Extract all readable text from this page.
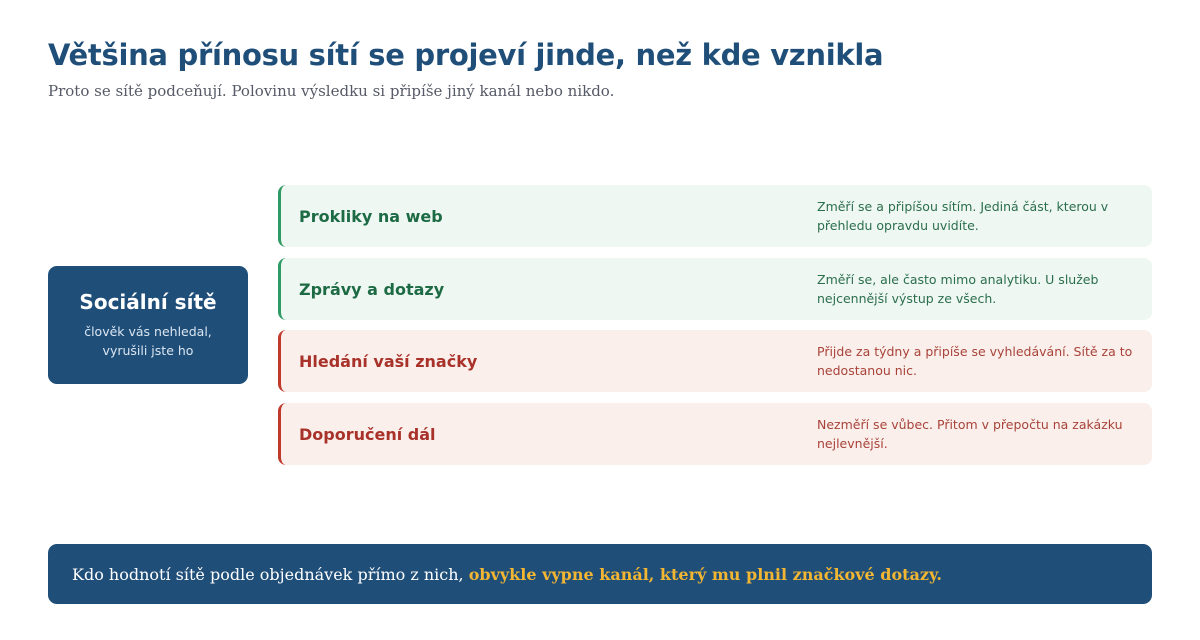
Většina přínosu sítí se projeví jinde, než kde vznikla

Proto se sítě podceňují. Polovinu výsledku si připíše jiný kanál nebo nikdo.

Sociální sítě
člověk vás nehledal, vyrušili jste ho
Prokliky na web	Změří se a připíšou sítím. Jediná část, kterou v přehledu opravdu uvidíte.
Zprávy a dotazy	Změří se, ale často mimo analytiku. U služeb nejcennější výstup ze všech.
Hledání vaší značky	Přijde za týdny a připíše se vyhledávání. Sítě za to nedostanou nic.
Doporučení dál	Nezměří se vůbec. Přitom v přepočtu na zakázku nejlevnější.
Kdo hodnotí sítě podle objednávek přímo z nich, obvykle vypne kanál, který mu plnil značkové dotazy.
